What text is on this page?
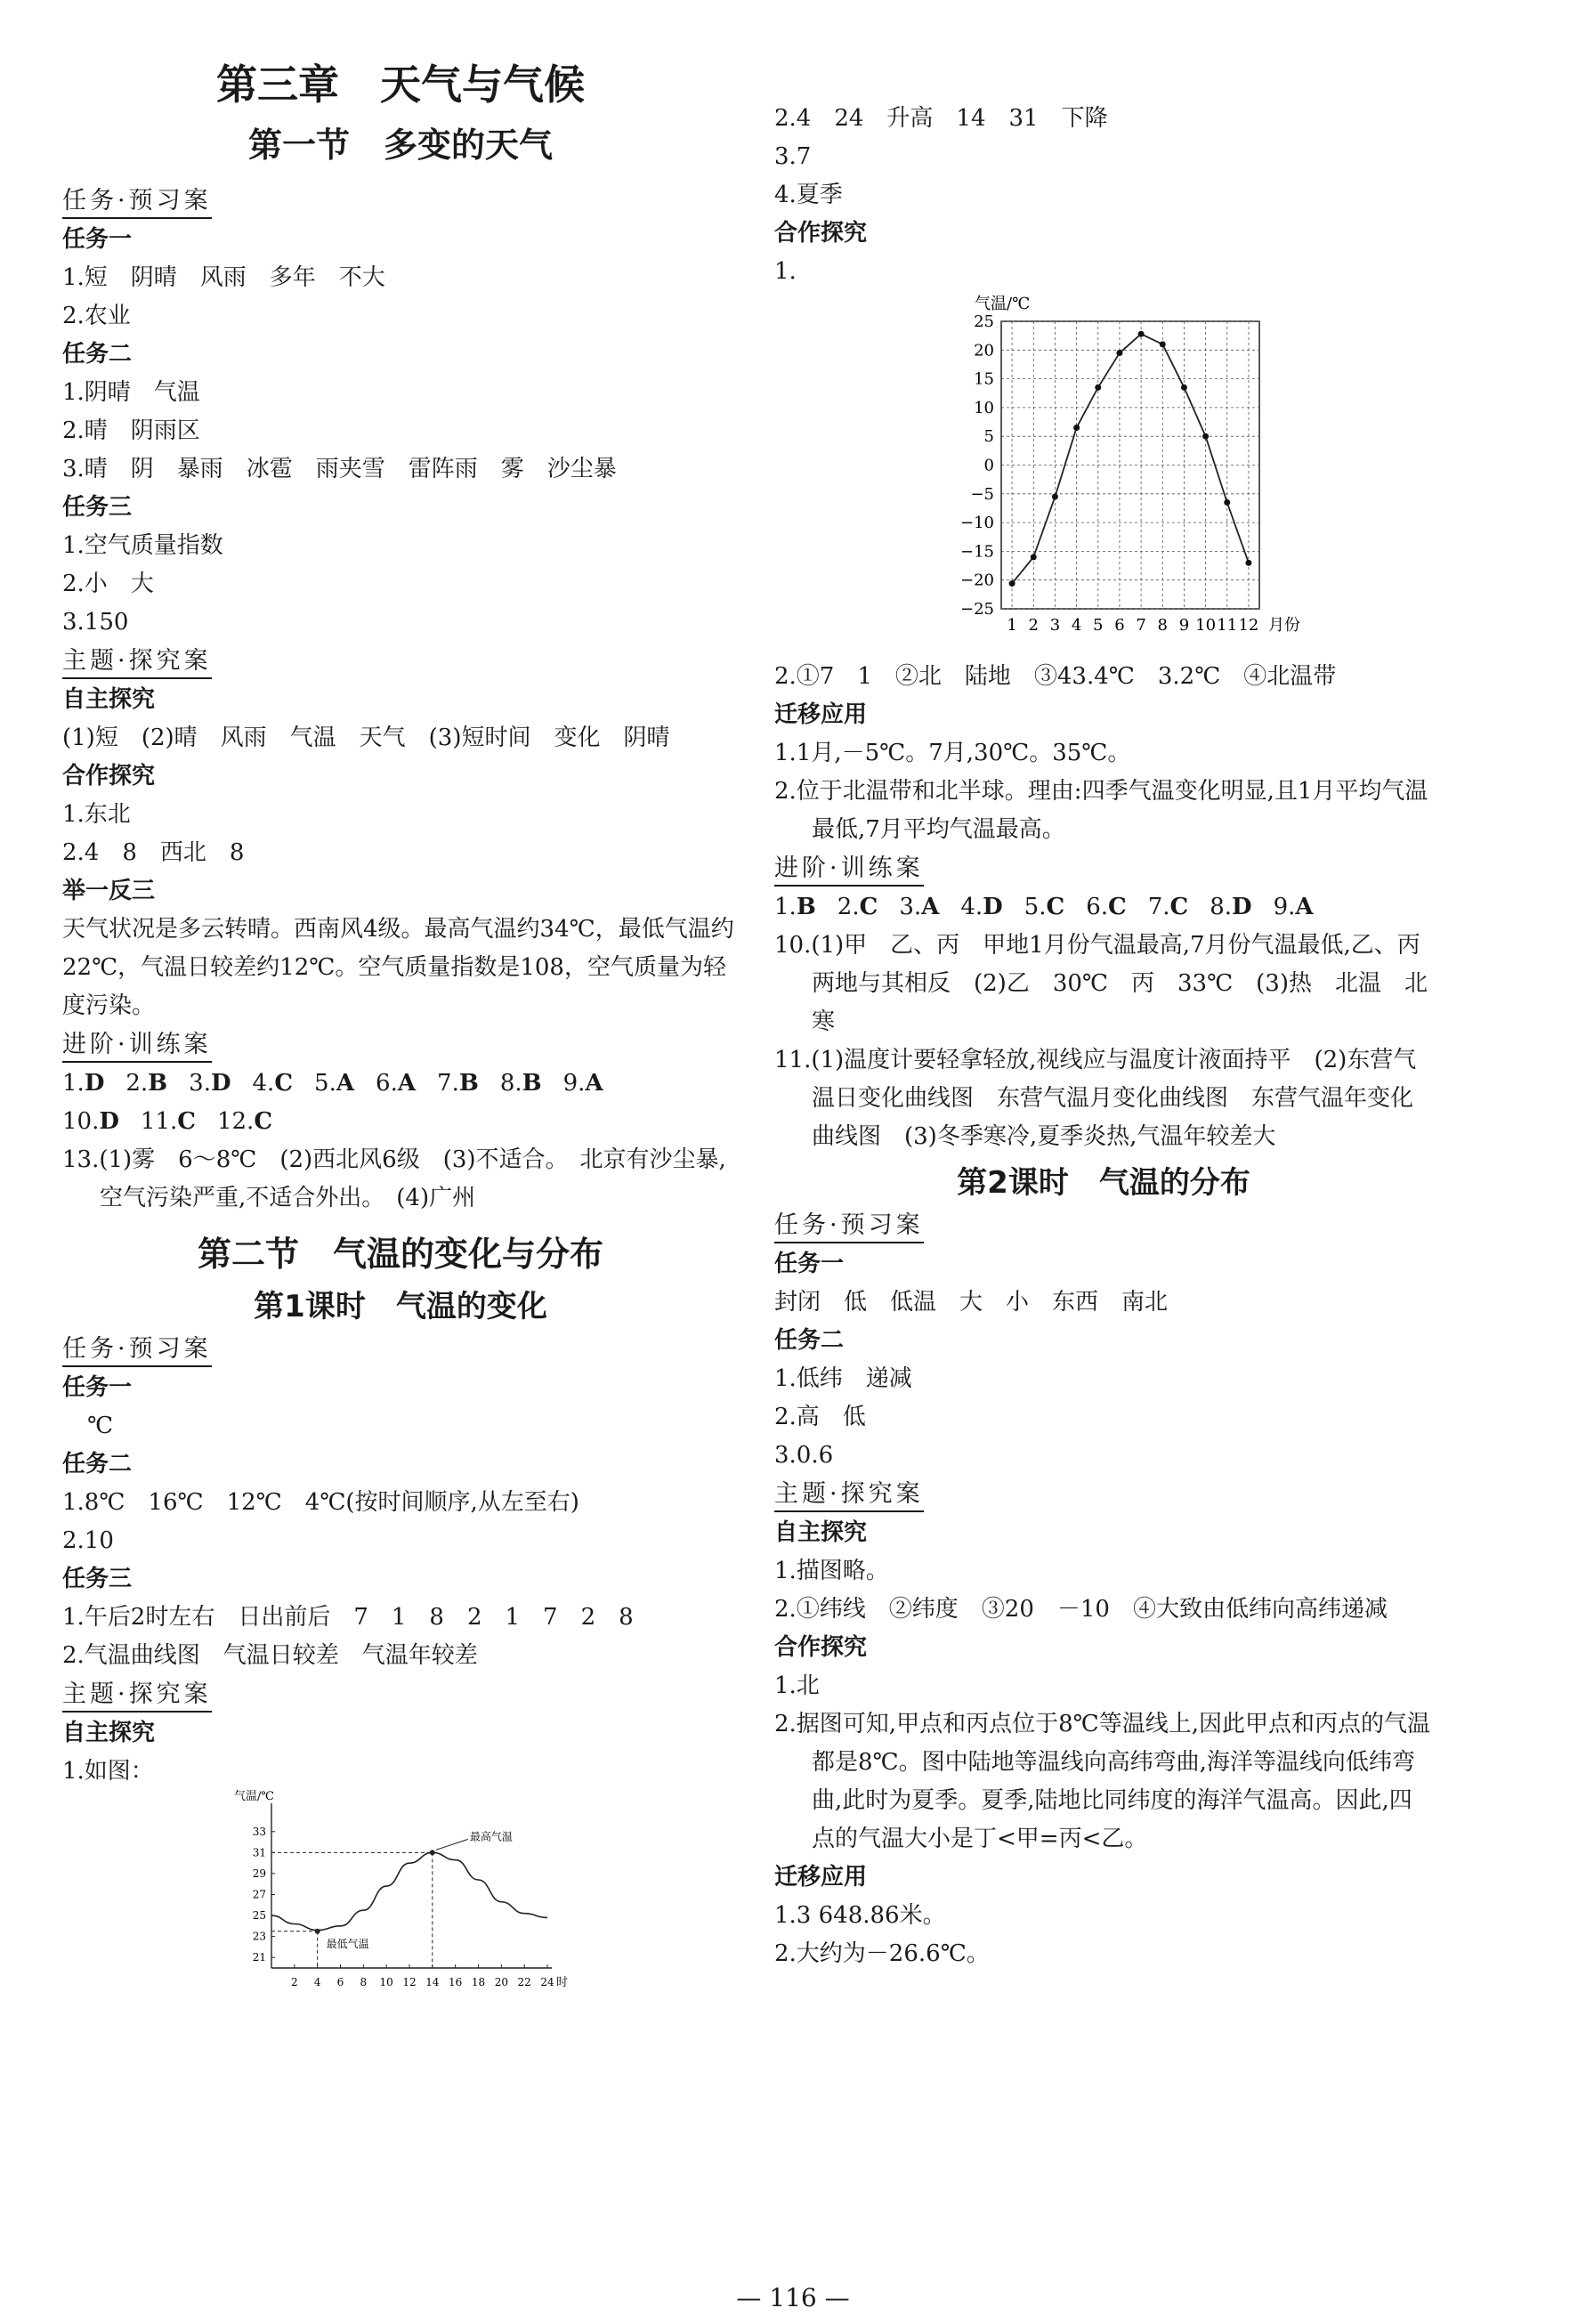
第三章　天气与气候
第一节　多变的天气
任务·预习案
任务一
1.短　阴晴　风雨　多年　不大
2.农业
任务二
1.阴晴　气温
2.晴　阴雨区
3.晴　阴　暴雨　冰雹　雨夹雪　雷阵雨　雾　沙尘暴
任务三
1.空气质量指数
2.小　大
3.150
主题·探究案
自主探究
(1)短　(2)晴　风雨　气温　天气　(3)短时间　变化　阴晴
合作探究
1.东北
2.4　8　西北　8
举一反三
天气状况是多云转晴。西南风4级。最高气温约34℃，最低气温约22℃，气温日较差约12℃。空气质量指数是108，空气质量为轻度污染。
进阶·训练案
1.D 2.B 3.D 4.C 5.A 6.A 7.B 8.B 9.A
10.D 11.C 12.C
13.(1)雾　6～8℃　(2)西北风6级　(3)不适合。　北京有沙尘暴,空气污染严重,不适合外出。　(4)广州
第二节　气温的变化与分布
第1课时　气温的变化
任务·预习案
任务一
℃
任务二
1.8℃　16℃　12℃　4℃(按时间顺序,从左至右)
2.10
任务三
1.午后2时左右　日出前后　7　1　8　2　1　7　2　8
2.气温曲线图　气温日较差　气温年较差
主题·探究案
自主探究
1.如图：
气温/℃
时
21
23
25
27
29
31
33
2 4 6 8 10 12 14 16 18 20 22 24
最高气温
最低气温
2.4　24　升高　14　31　下降
3.7
4.夏季
合作探究
1.
气温/℃
25
20
15
10
5
0
−5
−10
−15
−20
−25
1 2 3 4 5 6 7 8 9 10 11 12 月份
2.①7　1　②北　陆地　③43.4℃　3.2℃　④北温带
迁移应用
1.1月,－5℃。7月,30℃。35℃。
2.位于北温带和北半球。理由:四季气温变化明显,且1月平均气温最低,7月平均气温最高。
进阶·训练案
1.B 2.C 3.A 4.D 5.C 6.C 7.C 8.D 9.A
10.(1)甲　乙、丙　甲地1月份气温最高,7月份气温最低,乙、丙两地与其相反　(2)乙　30℃　丙　33℃　(3)热　北温　北寒
11.(1)温度计要轻拿轻放,视线应与温度计液面持平　(2)东营气温日变化曲线图　东营气温月变化曲线图　东营气温年变化曲线图　(3)冬季寒冷,夏季炎热,气温年较差大
第2课时　气温的分布
任务·预习案
任务一
封闭　低　低温　大　小　东西　南北
任务二
1.低纬　递减
2.高　低
3.0.6
主题·探究案
自主探究
1.描图略。
2.①纬线　②纬度　③20　－10　④大致由低纬向高纬递减
合作探究
1.北
2.据图可知,甲点和丙点位于8℃等温线上,因此甲点和丙点的气温都是8℃。图中陆地等温线向高纬弯曲,海洋等温线向低纬弯曲,此时为夏季。夏季,陆地比同纬度的海洋气温高。因此,四点的气温大小是丁<甲=丙<乙。
迁移应用
1.3 648.86米。
2.大约为－26.6℃。
— 116 —
